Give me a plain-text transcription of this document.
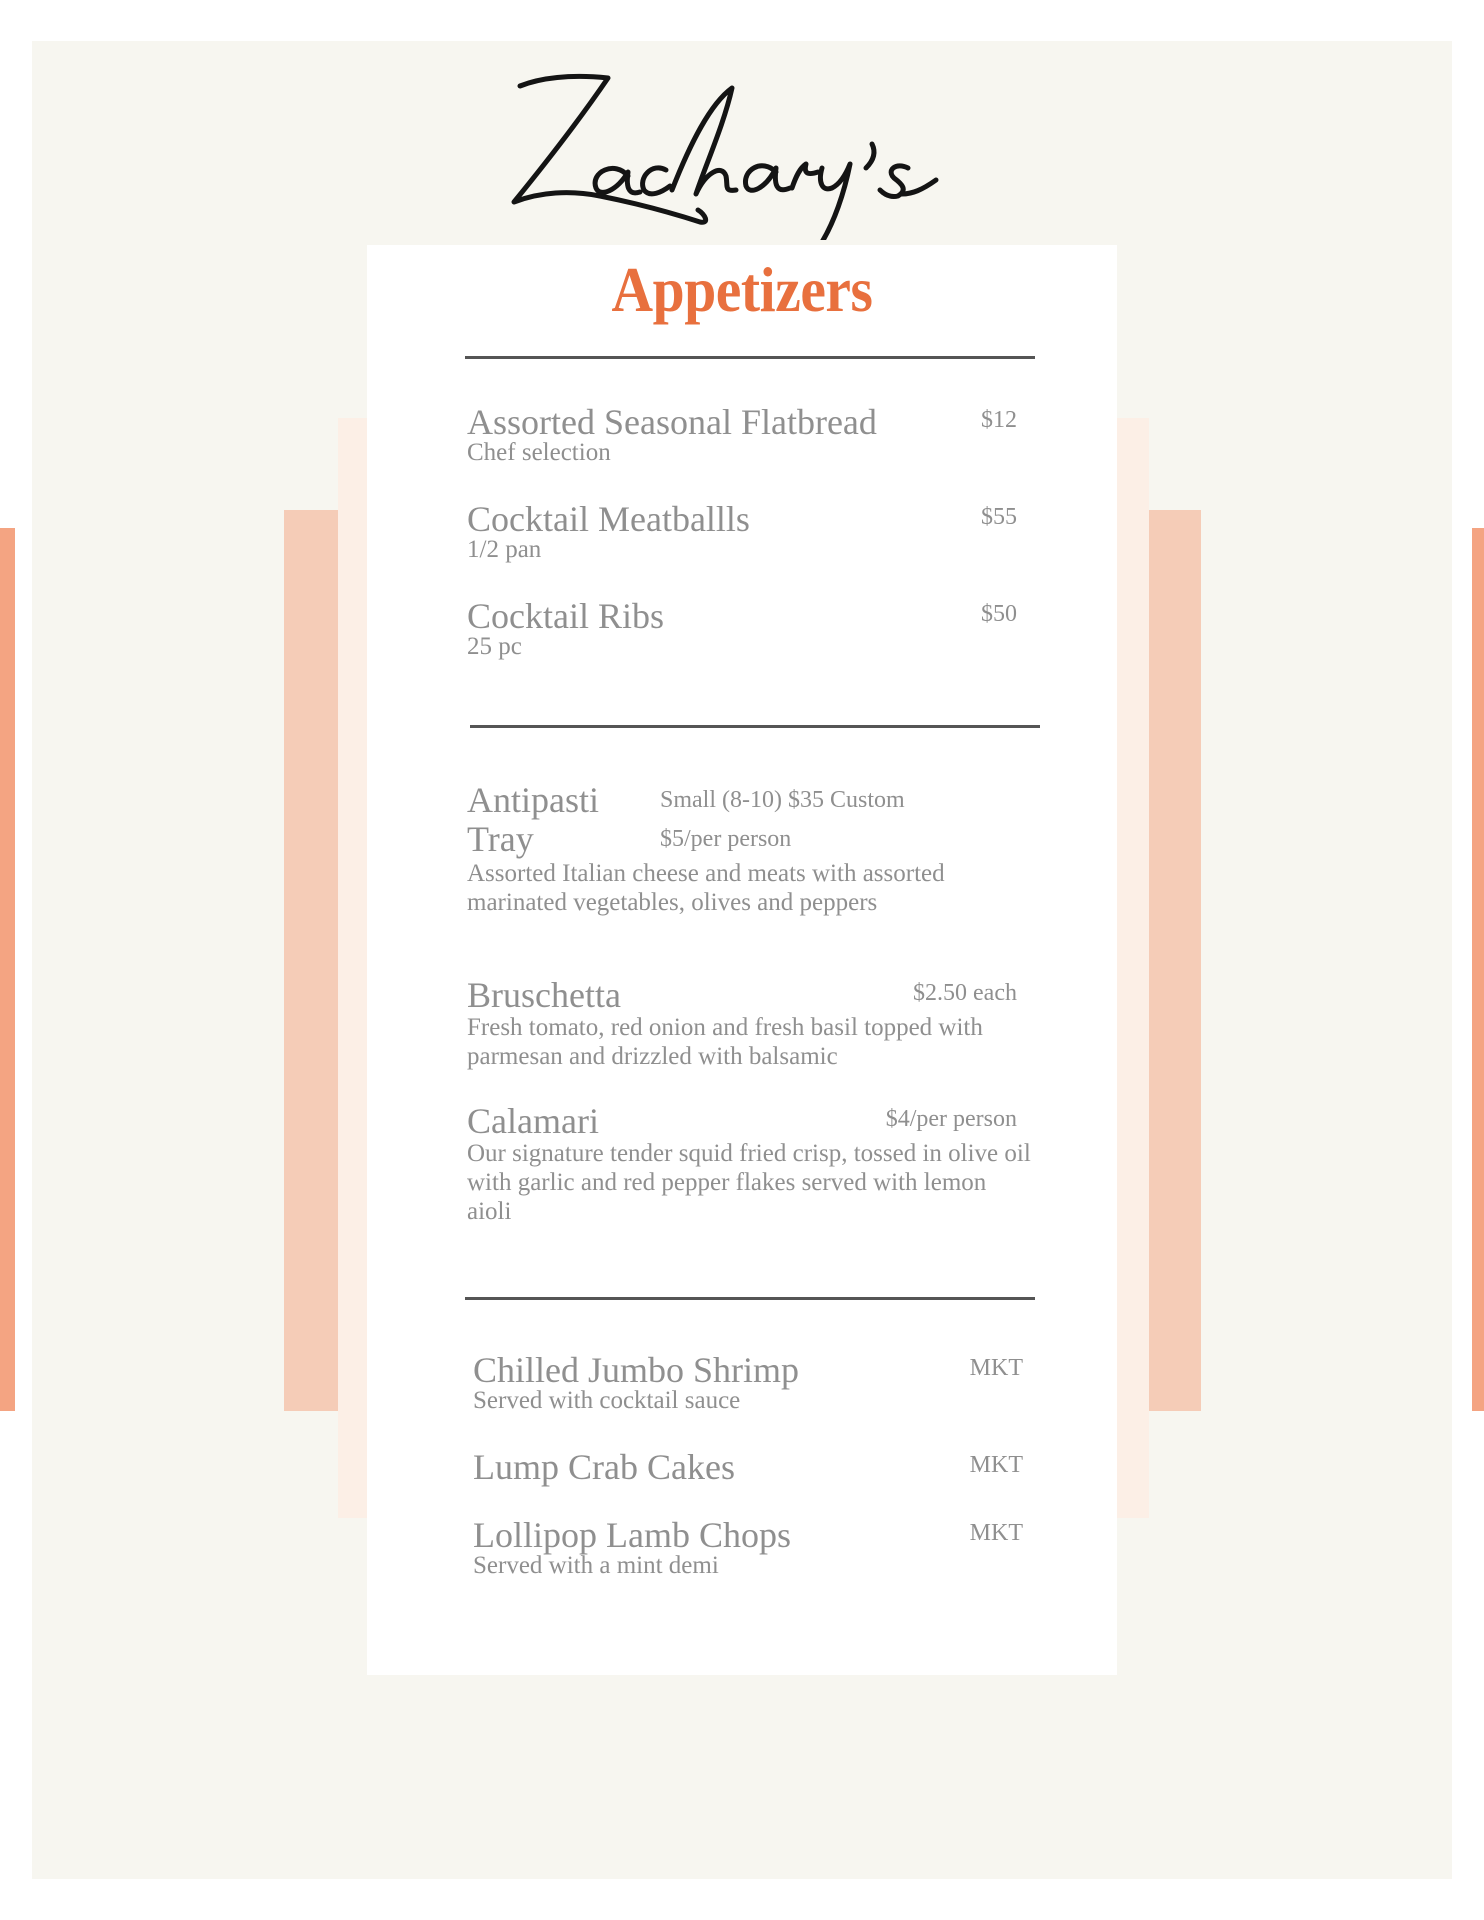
Appetizers
Assorted Seasonal Flatbread
Chef selection
$12
Cocktail Meatballls
1/2 pan
$55
Cocktail Ribs
25 pc
$50
Antipasti
Tray
Small (8-10) $35 Custom
$5/per person
Assorted Italian cheese and meats with assorted marinated vegetables, olives and peppers
Bruschetta	$2.50 each
Fresh tomato, red onion and fresh basil topped with parmesan and drizzled with balsamic
Calamari	$4/per person
Our signature tender squid fried crisp, tossed in olive oil with garlic and red pepper flakes served with lemon aioli
Chilled Jumbo Shrimp
Served with cocktail sauce
MKT
Lump Crab Cakes	MKT
Lollipop Lamb Chops
Served with a mint demi
MKT
